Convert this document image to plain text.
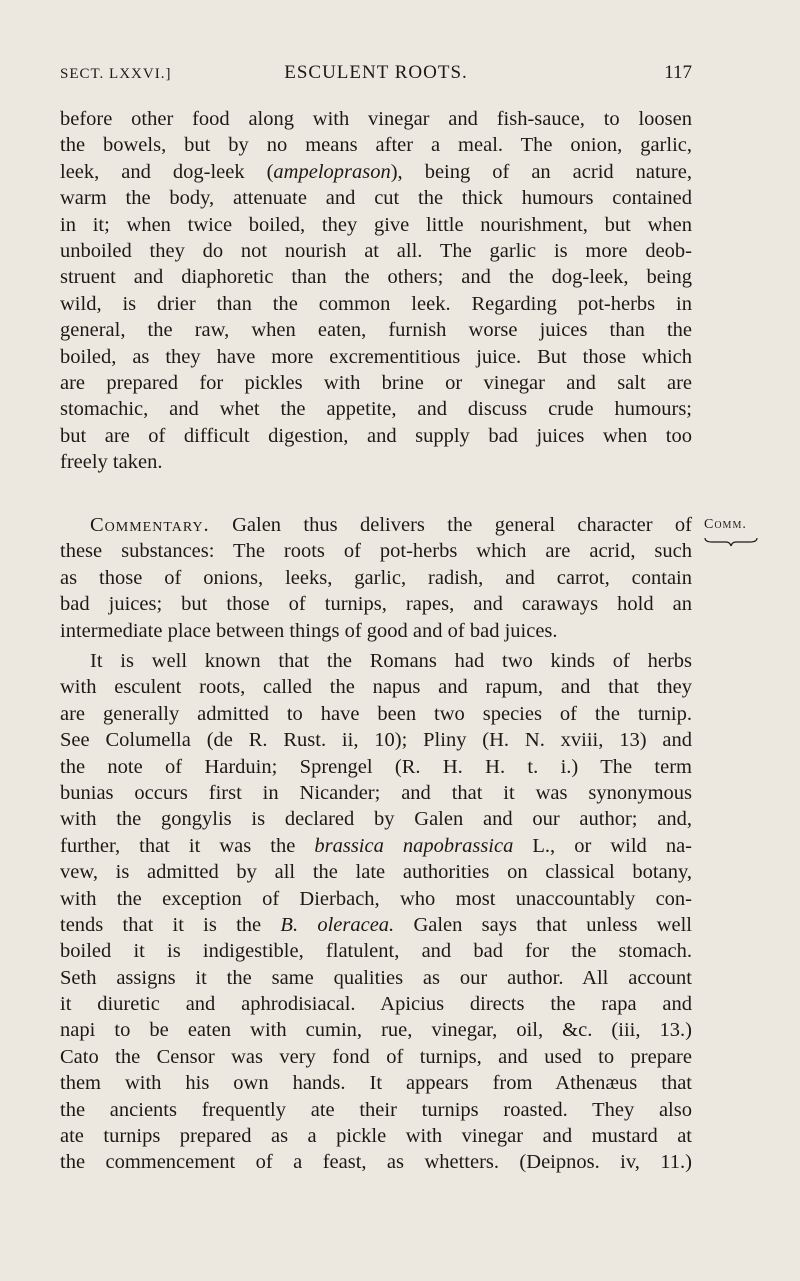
SECT. LXXVI.]	ESCULENT ROOTS.	117
before other food along with vinegar and fish-sauce, to loosen
the bowels, but by no means after a meal. The onion, garlic,
leek, and dog-leek (ampeloprason), being of an acrid nature,
warm the body, attenuate and cut the thick humours contained
in it; when twice boiled, they give little nourishment, but when
unboiled they do not nourish at all. The garlic is more deob-
struent and diaphoretic than the others; and the dog-leek, being
wild, is drier than the common leek. Regarding pot-herbs in
general, the raw, when eaten, furnish worse juices than the
boiled, as they have more excrementitious juice. But those which
are prepared for pickles with brine or vinegar and salt are
stomachic, and whet the appetite, and discuss crude humours;
but are of difficult digestion, and supply bad juices when too
freely taken.
Commentary. Galen thus delivers the general character of
these substances: The roots of pot-herbs which are acrid, such
as those of onions, leeks, garlic, radish, and carrot, contain
bad juices; but those of turnips, rapes, and caraways hold an
intermediate place between things of good and of bad juices.
It is well known that the Romans had two kinds of herbs
with esculent roots, called the napus and rapum, and that they
are generally admitted to have been two species of the turnip.
See Columella (de R. Rust. ii, 10); Pliny (H. N. xviii, 13) and
the note of Harduin; Sprengel (R. H. H. t. i.) The term
bunias occurs first in Nicander; and that it was synonymous
with the gongylis is declared by Galen and our author; and,
further, that it was the brassica napobrassica L., or wild na-
vew, is admitted by all the late authorities on classical botany,
with the exception of Dierbach, who most unaccountably con-
tends that it is the B. oleracea. Galen says that unless well
boiled it is indigestible, flatulent, and bad for the stomach.
Seth assigns it the same qualities as our author. All account
it diuretic and aphrodisiacal. Apicius directs the rapa and
napi to be eaten with cumin, rue, vinegar, oil, &c. (iii, 13.)
Cato the Censor was very fond of turnips, and used to prepare
them with his own hands. It appears from Athenæus that
the ancients frequently ate their turnips roasted. They also
ate turnips prepared as a pickle with vinegar and mustard at
the commencement of a feast, as whetters. (Deipnos. iv, 11.)
Comm.
